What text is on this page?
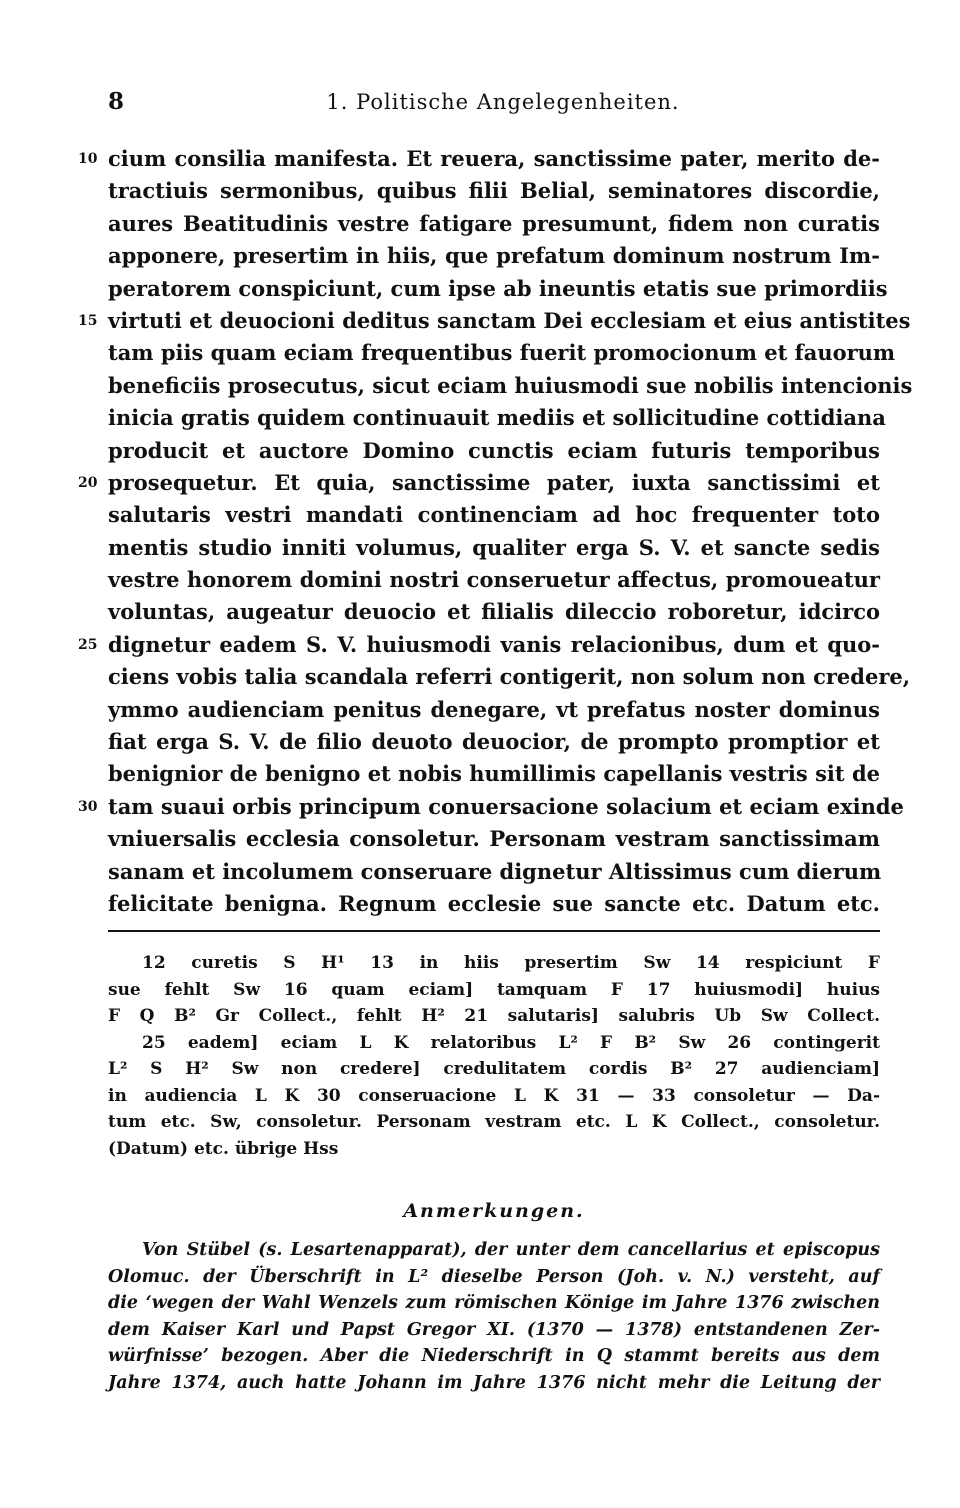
8	1. Politische Angelegenheiten.
10 cium consilia manifesta. Et reuera, sanctissime pater, merito de-
tractiuis sermonibus, quibus filii Belial, seminatores discordie,
aures Beatitudinis vestre fatigare presumunt, fidem non curatis
apponere, presertim in hiis, que prefatum dominum nostrum Im-
peratorem conspiciunt, cum ipse ab ineuntis etatis sue primordiis
15 virtuti et deuocioni deditus sanctam Dei ecclesiam et eius antistites
tam piis quam eciam frequentibus fuerit promocionum et fauorum
beneficiis prosecutus, sicut eciam huiusmodi sue nobilis intencionis
inicia gratis quidem continuauit mediis et sollicitudine cottidiana
producit et auctore Domino cunctis eciam futuris temporibus
20 prosequetur. Et quia, sanctissime pater, iuxta sanctissimi et
salutaris vestri mandati continenciam ad hoc frequenter toto
mentis studio inniti volumus, qualiter erga S. V. et sancte sedis
vestre honorem domini nostri conseruetur affectus, promoueatur
voluntas, augeatur deuocio et filialis dileccio roboretur, idcirco
25 dignetur eadem S. V. huiusmodi vanis relacionibus, dum et quo-
ciens vobis talia scandala referri contigerit, non solum non credere,
ymmo audienciam penitus denegare, vt prefatus noster dominus
fiat erga S. V. de filio deuoto deuocior, de prompto promptior et
benignior de benigno et nobis humillimis capellanis vestris sit de
30 tam suaui orbis principum conuersacione solacium et eciam exinde
vniuersalis ecclesia consoletur. Personam vestram sanctissimam
sanam et incolumem conseruare dignetur Altissimus cum dierum
felicitate benigna. Regnum ecclesie sue sancte etc. Datum etc.
12 curetis S H¹ 13 in hiis presertim Sw 14 respiciunt F
sue fehlt Sw 16 quam eciam] tamquam F 17 huiusmodi] huius
F Q B² Gr Collect., fehlt H² 21 salutaris] salubris Ub Sw Collect.
25 eadem] eciam L K relatoribus L² F B² Sw 26 contingerit
L² S H² Sw non credere] credulitatem cordis B² 27 audienciam]
in audiencia L K 30 conseruacione L K 31 — 33 consoletur — Da-
tum etc. Sw, consoletur. Personam vestram etc. L K Collect., consoletur.
(Datum) etc. übrige Hss
Anmerkungen.
Von Stübel (s. Lesartenapparat), der unter dem cancellarius et episcopus
Olomuc. der Überschrift in L² dieselbe Person (Joh. v. N.) versteht, auf
die ‘wegen der Wahl Wenzels zum römischen Könige im Jahre 1376 zwischen
dem Kaiser Karl und Papst Gregor XI. (1370 — 1378) entstandenen Zer-
würfnisse’ bezogen. Aber die Niederschrift in Q stammt bereits aus dem
Jahre 1374, auch hatte Johann im Jahre 1376 nicht mehr die Leitung der
